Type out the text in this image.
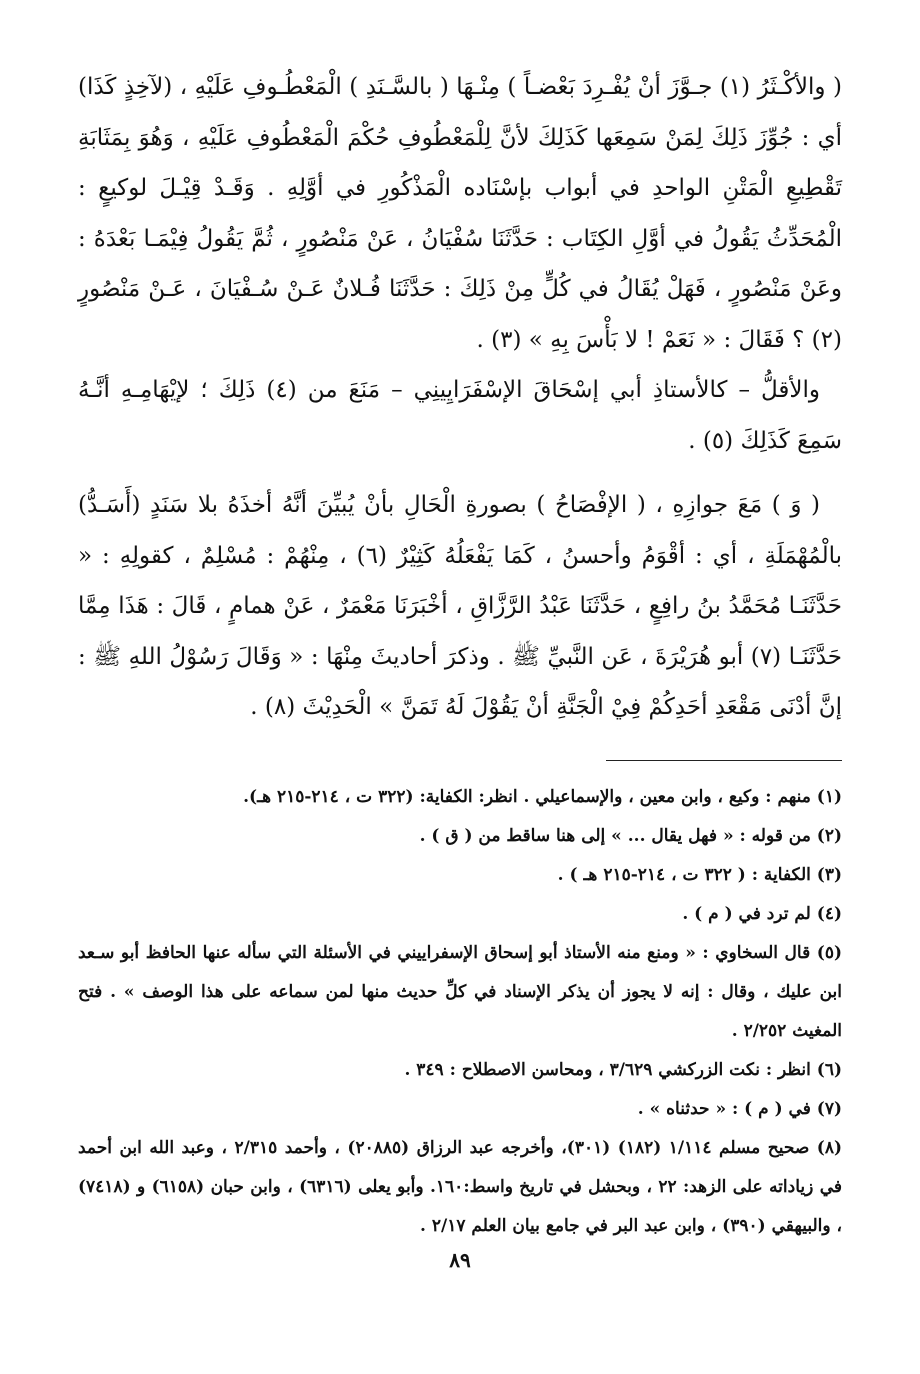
( والأكْـثَرُ (١) جـوَّزَ أنْ يُفْـرِدَ بَعْضـاً ) مِنْـهَا ( بالسَّـنَدِ ) الْمَعْطُـوفِ عَلَيْهِ ، (لآخِذٍ كَذَا) أي : جُوِّزَ ذَلِكَ لِمَنْ سَمِعَها كَذَلِكَ لأنَّ لِلْمَعْطُوفِ حُكْمَ الْمَعْطُوفِ عَلَيْهِ ، وَهُوَ بِمَثَابَةِ تَقْطِيعِ الْمَتْنِ الواحدِ في أبواب بإسْنَاده الْمَذْكُورِ في أوَّلِهِ . وَقَـدْ قِيْـلَ لوكيعٍ : الْمُحَدِّثُ يَقُولُ في أوَّلِ الكِتَاب : حَدَّثَنَا سُفْيَانُ ، عَنْ مَنْصُورٍ ، ثُمَّ يَقُولُ فِيْمَـا بَعْدَهُ : وعَنْ مَنْصُورٍ ، فَهَلْ يُقَالُ في كُلٍّ مِنْ ذَلِكَ : حَدَّثَنَا فُـلانٌ عَـنْ سُـفْيَانَ ، عَـنْ مَنْصُورٍ (٢) ؟ فَقَالَ : « نَعَمْ ! لا بَأْسَ بِهِ » (٣) .

والأقلُّ – كالأستاذِ أبي إسْحَاقَ الإسْفَرَايِينِي – مَنَعَ من (٤) ذَلِكَ ؛ لإيْهَامِـهِ أنَّـهُ سَمِعَ كَذَلِكَ (٥) .

( وَ ) مَعَ جوازِهِ ، ( الإفْصَاحُ ) بصورةِ الْحَالِ بأنْ يُبيِّنَ أنَّهُ أخذَهُ بلا سَنَدٍ (أَسَـدُّ) بالْمُهْمَلَةِ ، أي : أقْوَمُ وأحسنُ ، كَمَا يَفْعَلُهُ كَثِيْرٌ (٦) ، مِنْهُمْ : مُسْلِمٌ ، كقولِهِ : « حَدَّثَنَـا مُحَمَّدُ بنُ رافِعٍ ، حَدَّثَنَا عَبْدُ الرَّزَّاقِ ، أخْبَرَنَا مَعْمَرٌ ، عَنْ همامٍ ، قَالَ : هَذَا مِمَّا حَدَّثَنَـا (٧) أبو هُرَيْرَةَ ، عَن النَّبيِّ ﷺ . وذكرَ أحاديثَ مِنْهَا : « وَقَالَ رَسُوْلُ اللهِ ﷺ : إنَّ أدْنَى مَقْعَدِ أحَدِكُمْ فِيْ الْجَنَّةِ أنْ يَقُوْلَ لَهُ تَمَنَّ » الْحَدِيْثَ (٨) .

(١) منهم : وكيع ، وابن معين ، والإسماعيلي . انظر: الكفاية: (٣٢٢ ت ، ٢١٤-٢١٥ هـ).

(٢) من قوله : « فهل يقال ... » إلى هنا ساقط من ( ق ) .

(٣) الكفاية : ( ٣٢٢ ت ، ٢١٤-٢١٥ هـ ) .

(٤) لم ترد في ( م ) .

(٥) قال السخاوي : « ومنع منه الأستاذ أبو إسحاق الإسفراييني في الأسئلة التي سأله عنها الحافظ أبو سـعد ابن عليك ، وقال : إنه لا يجوز أن يذكر الإسناد في كلِّ حديث منها لمن سماعه على هذا الوصف » . فتح المغيث ٢/٢٥٢ .

(٦) انظر : نكت الزركشي ٣/٦٢٩ ، ومحاسن الاصطلاح : ٣٤٩ .

(٧) في ( م ) : « حدثناه » .

(٨) صحيح مسلم ١/١١٤ (١٨٢) (٣٠١)، وأخرجه عبد الرزاق (٢٠٨٨٥) ، وأحمد ٢/٣١٥ ، وعبد الله ابن أحمد في زياداته على الزهد: ٢٢ ، وبحشل في تاريخ واسط:١٦٠. وأبو يعلى (٦٣١٦) ، وابن حبان (٦١٥٨) و (٧٤١٨) ، والبيهقي (٣٩٠) ، وابن عبد البر في جامع بيان العلم ٢/١٧ .

٨٩
